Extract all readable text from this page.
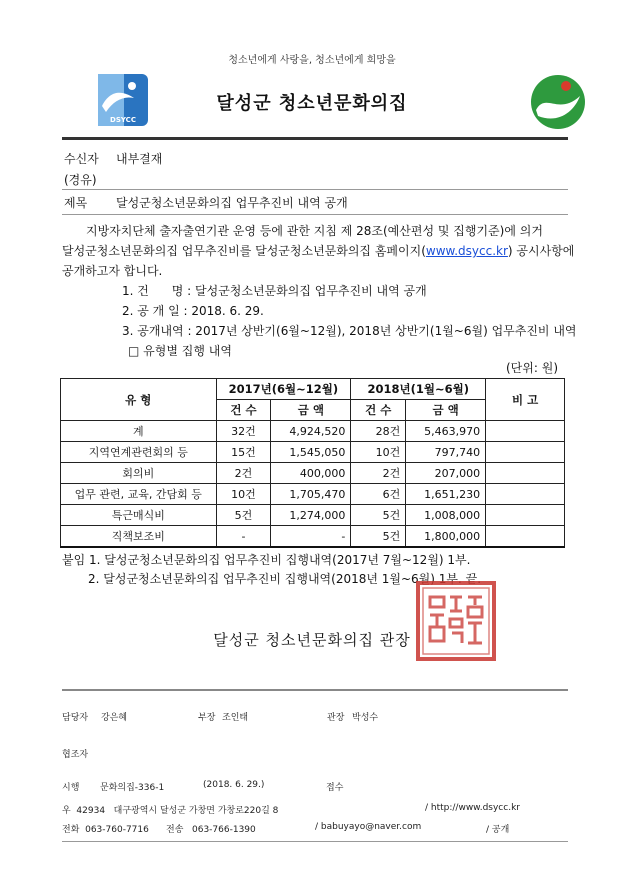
청소년에게 사랑을, 청소년에게 희망을
DSYCC
달성군 청소년문화의집
수신자 내부결재
(경유)
제목 달성군청소년문화의집 업무추진비 내역 공개
지방자치단체 출자출연기관 운영 등에 관한 지침 제 28조(예산편성 및 집행기준)에 의거
달성군청소년문화의집 업무추진비를 달성군청소년문화의집 홈페이지(www.dsycc.kr) 공시사항에
공개하고자 합니다.
1. 건      명 : 달성군청소년문화의집 업무추진비 내역 공개
2. 공 개 일 : 2018. 6. 29.
3. 공개내역 : 2017년 상반기(6월~12월), 2018년 상반기(1월~6월) 업무추진비 내역
□ 유형별 집행 내역
(단위: 원)
유 형	2017년(6월~12월)		2018년(1월~6월)		비 고
	건 수	금 액	건 수	금 액	
계	32건	4,924,520	28건	5,463,970	
지역연계관련회의 등	15건	1,545,050	10건	797,740	
회의비	2건	400,000	2건	207,000	
업무 관련, 교육, 간담회 등	10건	1,705,470	6건	1,651,230	
특근매식비	5건	1,274,000	5건	1,008,000	
직책보조비	-	-	5건	1,800,000	
붙임 1. 달성군청소년문화의집 업무추진비 집행내역(2017년 7월~12월) 1부.
2. 달성군청소년문화의집 업무추진비 집행내역(2018년 1월~6월) 1부. 끝.
달성군 청소년문화의집 관장
담당자 강은혜	부장 조인태	관장 박성수
협조자
시행 문화의집-336-1	(2018. 6. 29.)	접수
우  42934   대구광역시 달성군 가창면 가창로220길 8	/ http://www.dsycc.kr
전화  063-760-7716      전송   063-766-1390	/ babuyayo@naver.com	/ 공개
